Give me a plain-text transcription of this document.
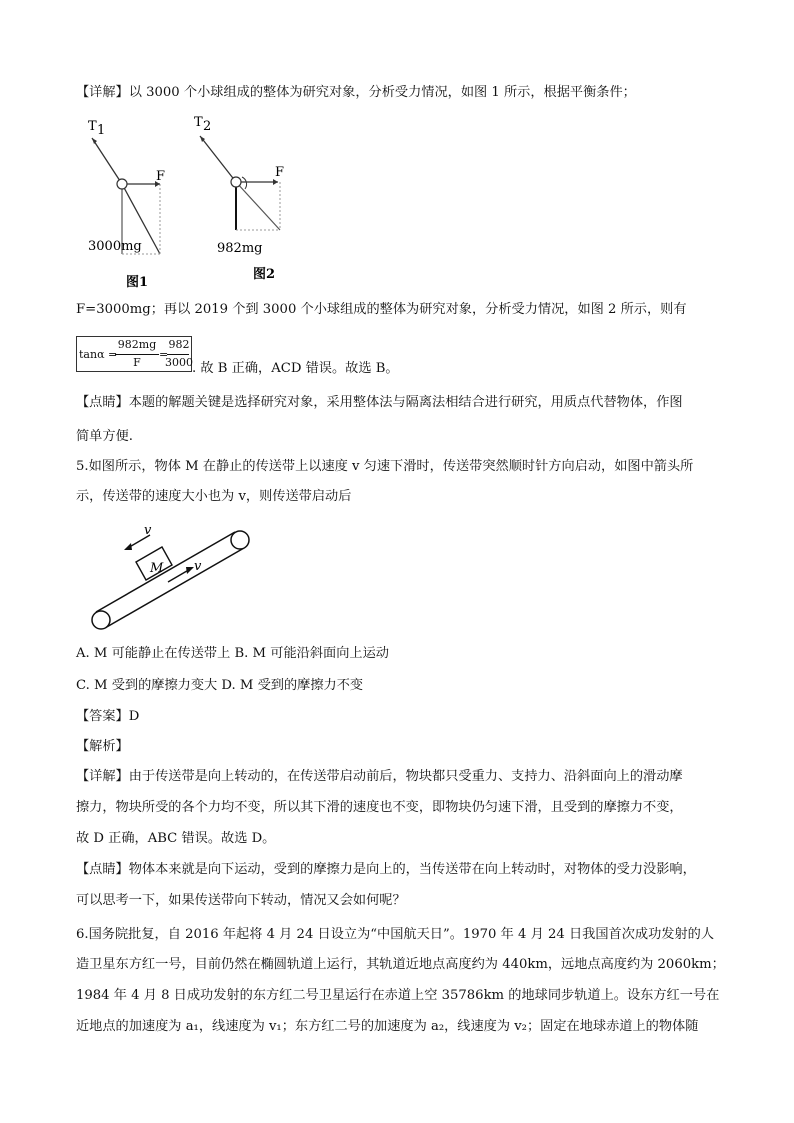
【详解】以 3000 个小球组成的整体为研究对象，分析受力情况，如图 1 所示，根据平衡条件；
T 1
F
3000mg
图1
T 2
F
982mg
图2
F=3000mg；再以 2019 个到 3000 个小球组成的整体为研究对象，分析受力情况，如图 2 所示，则有
tanα =
982mg
F
=
982
3000 . 故 B 正确，ACD 错误。故选 B。
【点睛】本题的解题关键是选择研究对象，采用整体法与隔离法相结合进行研究，用质点代替物体，作图
简单方便.
5.如图所示，物体 M 在静止的传送带上以速度 v 匀速下滑时，传送带突然顺时针方向启动，如图中箭头所
示，传送带的速度大小也为 v，则传送带启动后
M
v
v
A. M 可能静止在传送带上 B. M 可能沿斜面向上运动
C. M 受到的摩擦力变大 D. M 受到的摩擦力不变
【答案】D
【解析】
【详解】由于传送带是向上转动的，在传送带启动前后，物块都只受重力、支持力、沿斜面向上的滑动摩
擦力，物块所受的各个力均不变，所以其下滑的速度也不变，即物块仍匀速下滑，且受到的摩擦力不变，
故 D 正确，ABC 错误。故选 D。
【点睛】物体本来就是向下运动，受到的摩擦力是向上的，当传送带在向上转动时，对物体的受力没影响，
可以思考一下，如果传送带向下转动，情况又会如何呢？
6.国务院批复，自 2016 年起将 4 月 24 日设立为“中国航天日”。1970 年 4 月 24 日我国首次成功发射的人
造卫星东方红一号，目前仍然在椭圆轨道上运行，其轨道近地点高度约为 440km，远地点高度约为 2060km；
1984 年 4 月 8 日成功发射的东方红二号卫星运行在赤道上空 35786km 的地球同步轨道上。设东方红一号在
近地点的加速度为 a₁，线速度为 v₁；东方红二号的加速度为 a₂，线速度为 v₂；固定在地球赤道上的物体随
